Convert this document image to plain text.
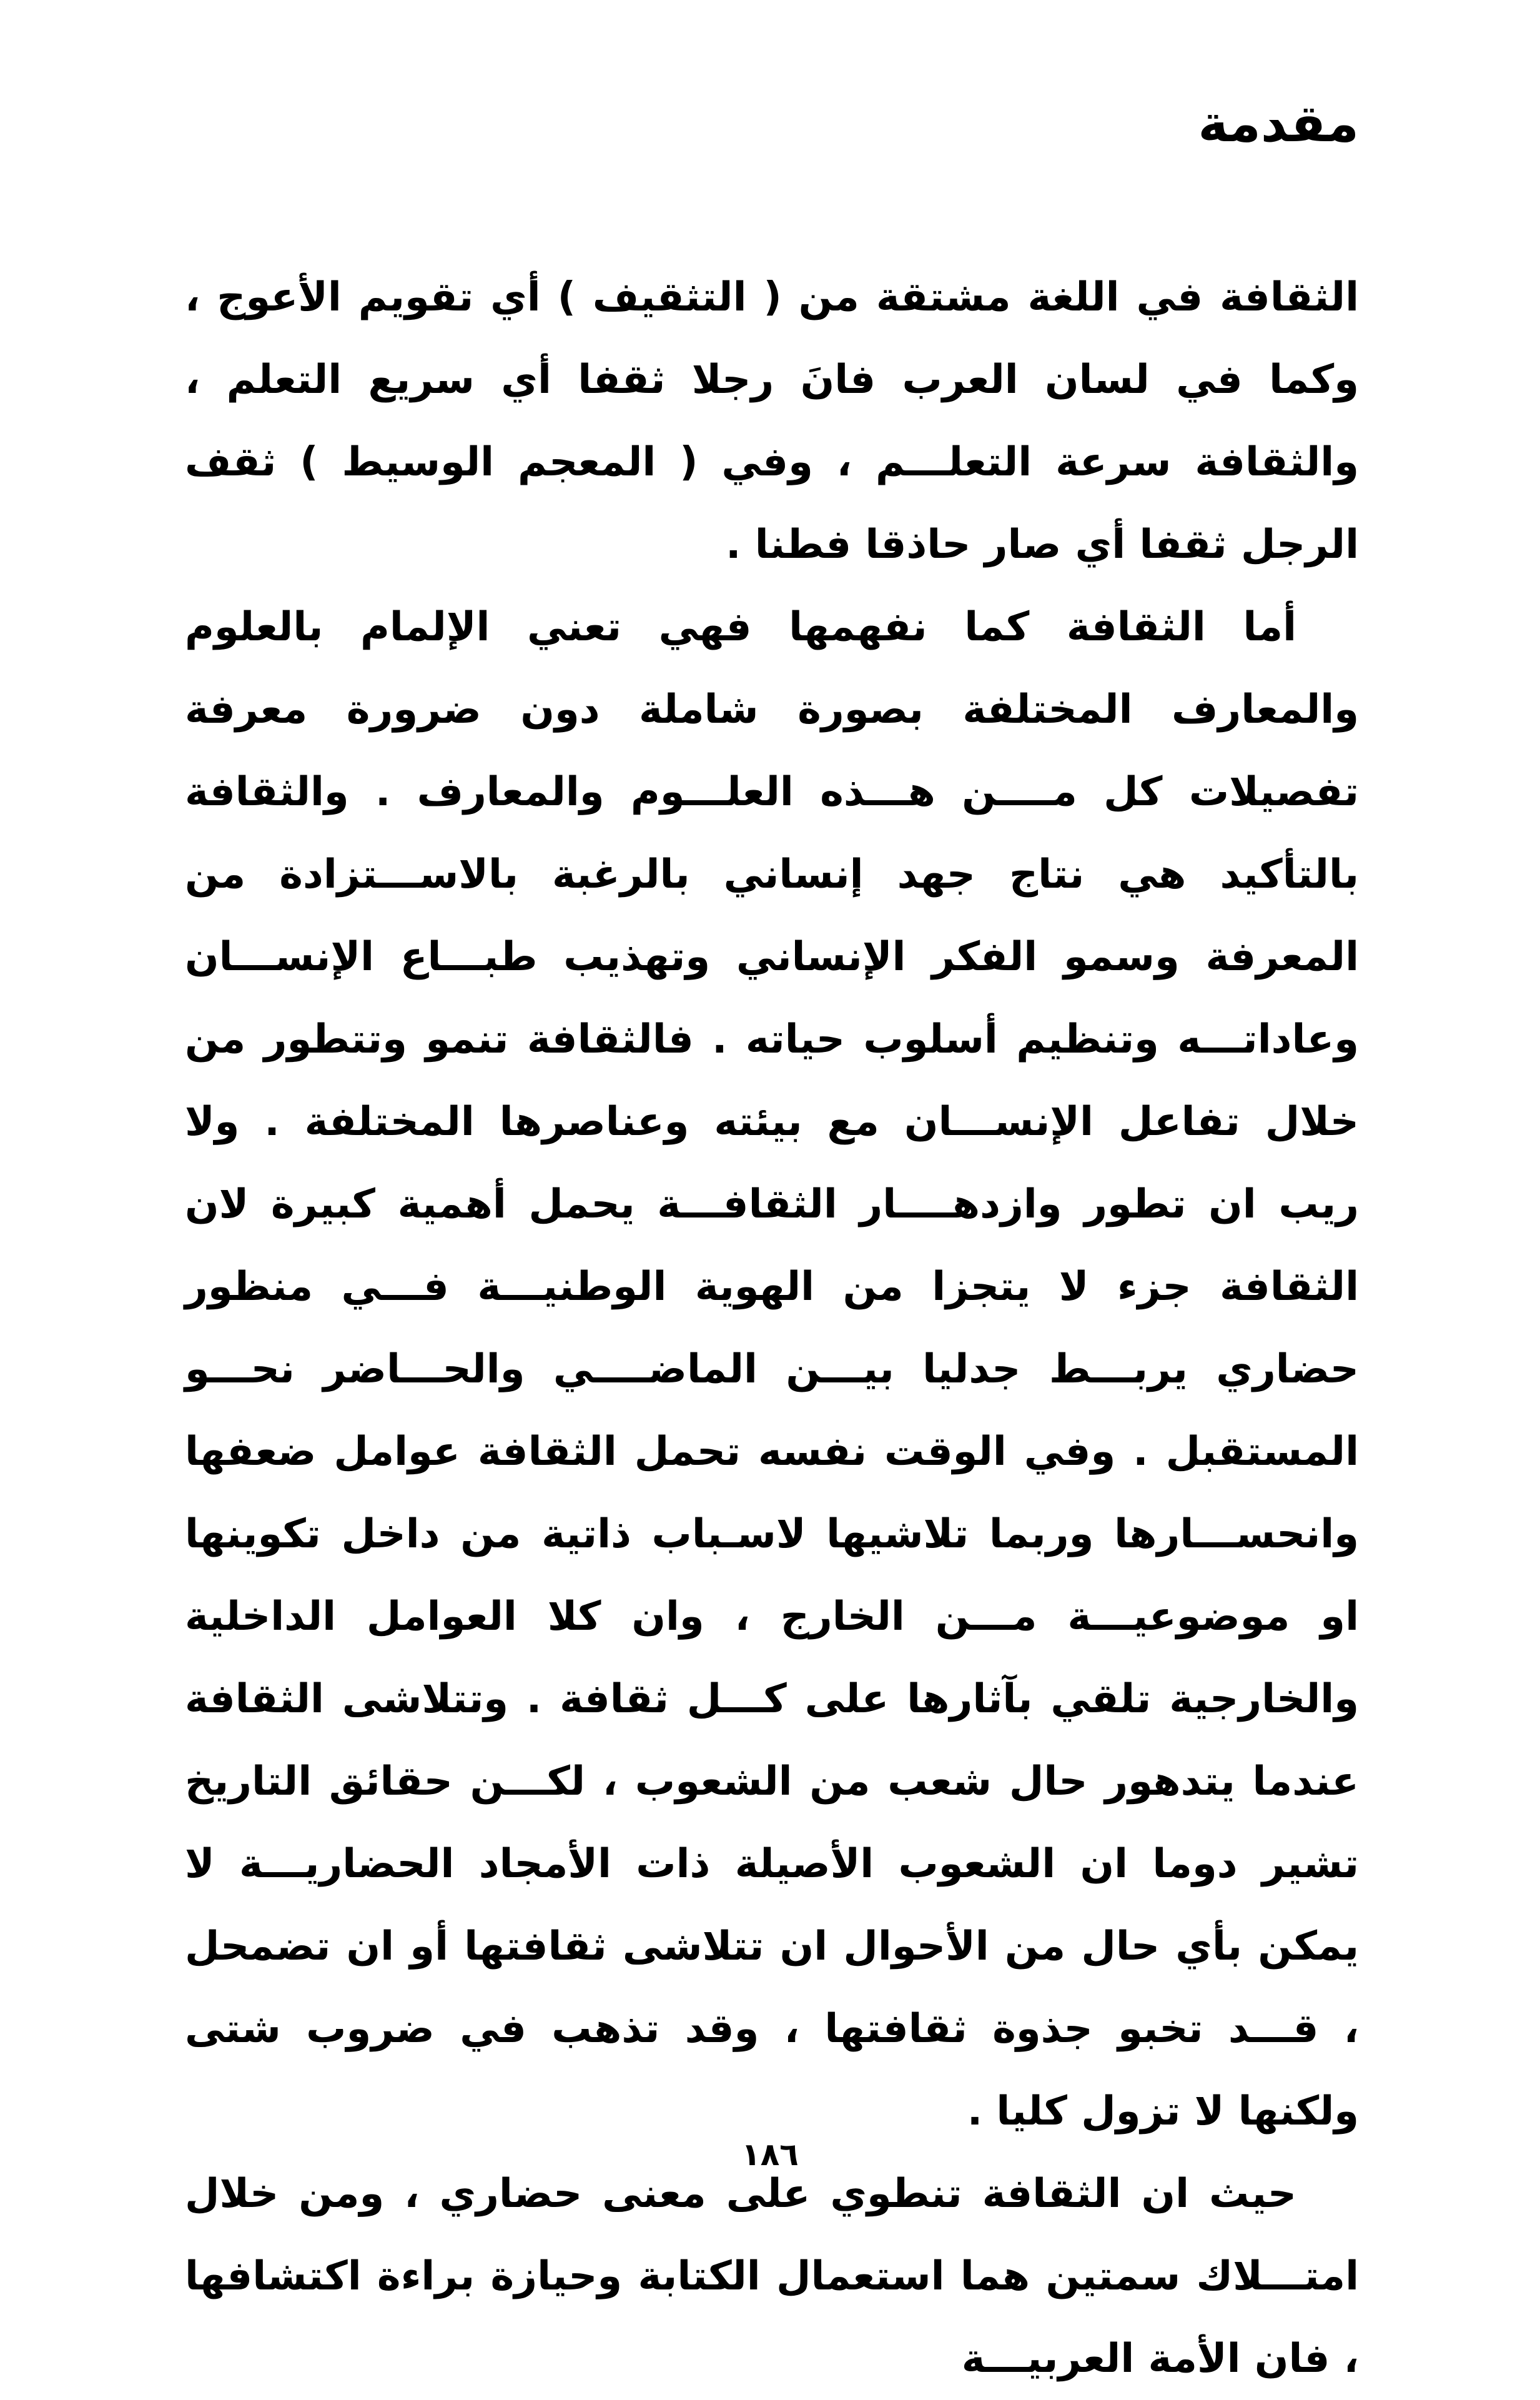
مقدمة

الثقافة في اللغة مشتقة من ( التثقيف ) أي تقويم الأعوج ، وكما في لسان العرب فانَ رجلا ثقفا أي سريع التعلم ، والثقافة سرعة التعلـــم ، وفي ( المعجم الوسيط ) ثقف الرجل ثقفا أي صار حاذقا فطنا .

أما الثقافة كما نفهمها فهي تعني الإلمام بالعلوم والمعارف المختلفة بصورة شاملة دون ضرورة معرفة تفصيلات كل مــــن هـــذه العلـــوم والمعارف . والثقافة بالتأكيد هي نتاج جهد إنساني بالرغبة بالاســـتزادة من المعرفة وسمو الفكر الإنساني وتهذيب طبـــاع الإنســـان وعاداتـــه وتنظيم أسلوب حياته . فالثقافة تنمو وتتطور من خلال تفاعل الإنســـان مع بيئته وعناصرها المختلفة . ولا ريب ان تطور وازدهــــار الثقافـــة يحمل أهمية كبيرة لان الثقافة جزء لا يتجزا من الهوية الوطنيـــة فـــي منظور حضاري يربـــط جدليا بيـــن الماضــــي والحـــاضر نحـــو المستقبل . وفي الوقت نفسه تحمل الثقافة عوامل ضعفها وانحســـارها وربما تلاشيها لاسـباب ذاتية من داخل تكوينها او موضوعيـــة مـــن الخارج ، وان كلا العوامل الداخلية والخارجية تلقي بآثارها على كـــل ثقافة . وتتلاشى الثقافة عندما يتدهور حال شعب من الشعوب ، لكـــن حقائق التاريخ تشير دوما ان الشعوب الأصيلة ذات الأمجاد الحضاريـــة لا يمكن بأي حال من الأحوال ان تتلاشى ثقافتها أو ان تضمحل ، قـــد تخبو جذوة ثقافتها ، وقد تذهب في ضروب شتى ولكنها لا تزول كليا .

حيث ان الثقافة تنطوي على معنى حضاري ، ومن خلال امتـــلاك سمتين هما استعمال الكتابة وحيازة براءة اكتشافها ، فان الأمة العربيـــة

١٨٦
